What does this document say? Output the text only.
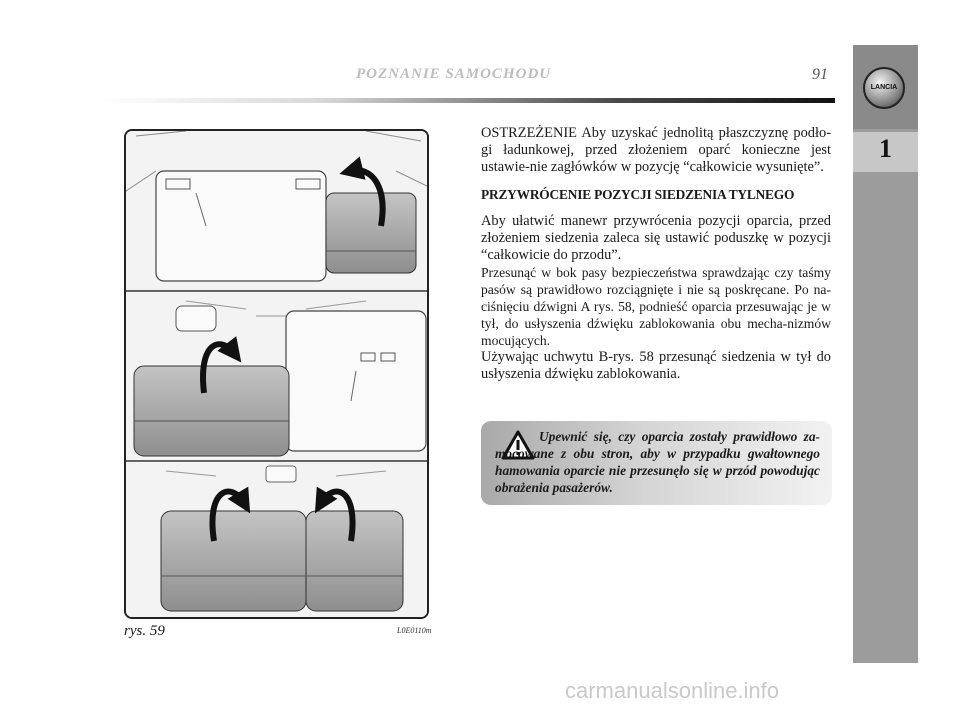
POZNANIE SAMOCHODU	91
LANCIA
1
rys. 59	L0E0110m

OSTRZEŻENIE Aby uzyskać jednolitą płaszczyznę podło-gi ładunkowej, przed złożeniem oparć konieczne jest ustawie-nie zagłówków w pozycję “całkowicie wysunięte”.

PRZYWRÓCENIE POZYCJI SIEDZENIA TYLNEGO

Aby ułatwić manewr przywrócenia pozycji oparcia, przed złożeniem siedzenia zaleca się ustawić poduszkę w pozycji “całkowicie do przodu”.

Przesunąć w bok pasy bezpieczeństwa sprawdzając czy taśmy pasów są prawidłowo rozciągnięte i nie są poskręcane. Po na-ciśnięciu dźwigni A rys. 58, podnieść oparcia przesuwając je w tył, do usłyszenia dźwięku zablokowania obu mecha-nizmów mocujących.

Używając uchwytu B-rys. 58 przesunąć siedzenia w tył do usłyszenia dźwięku zablokowania.

Upewnić się, czy oparcia zostały prawidłowo za-mocowane z obu stron, aby w przypadku gwałtownego hamowania oparcie nie przesunęło się w przód powodując obrażenia pasażerów.
carmanualsonline.info
